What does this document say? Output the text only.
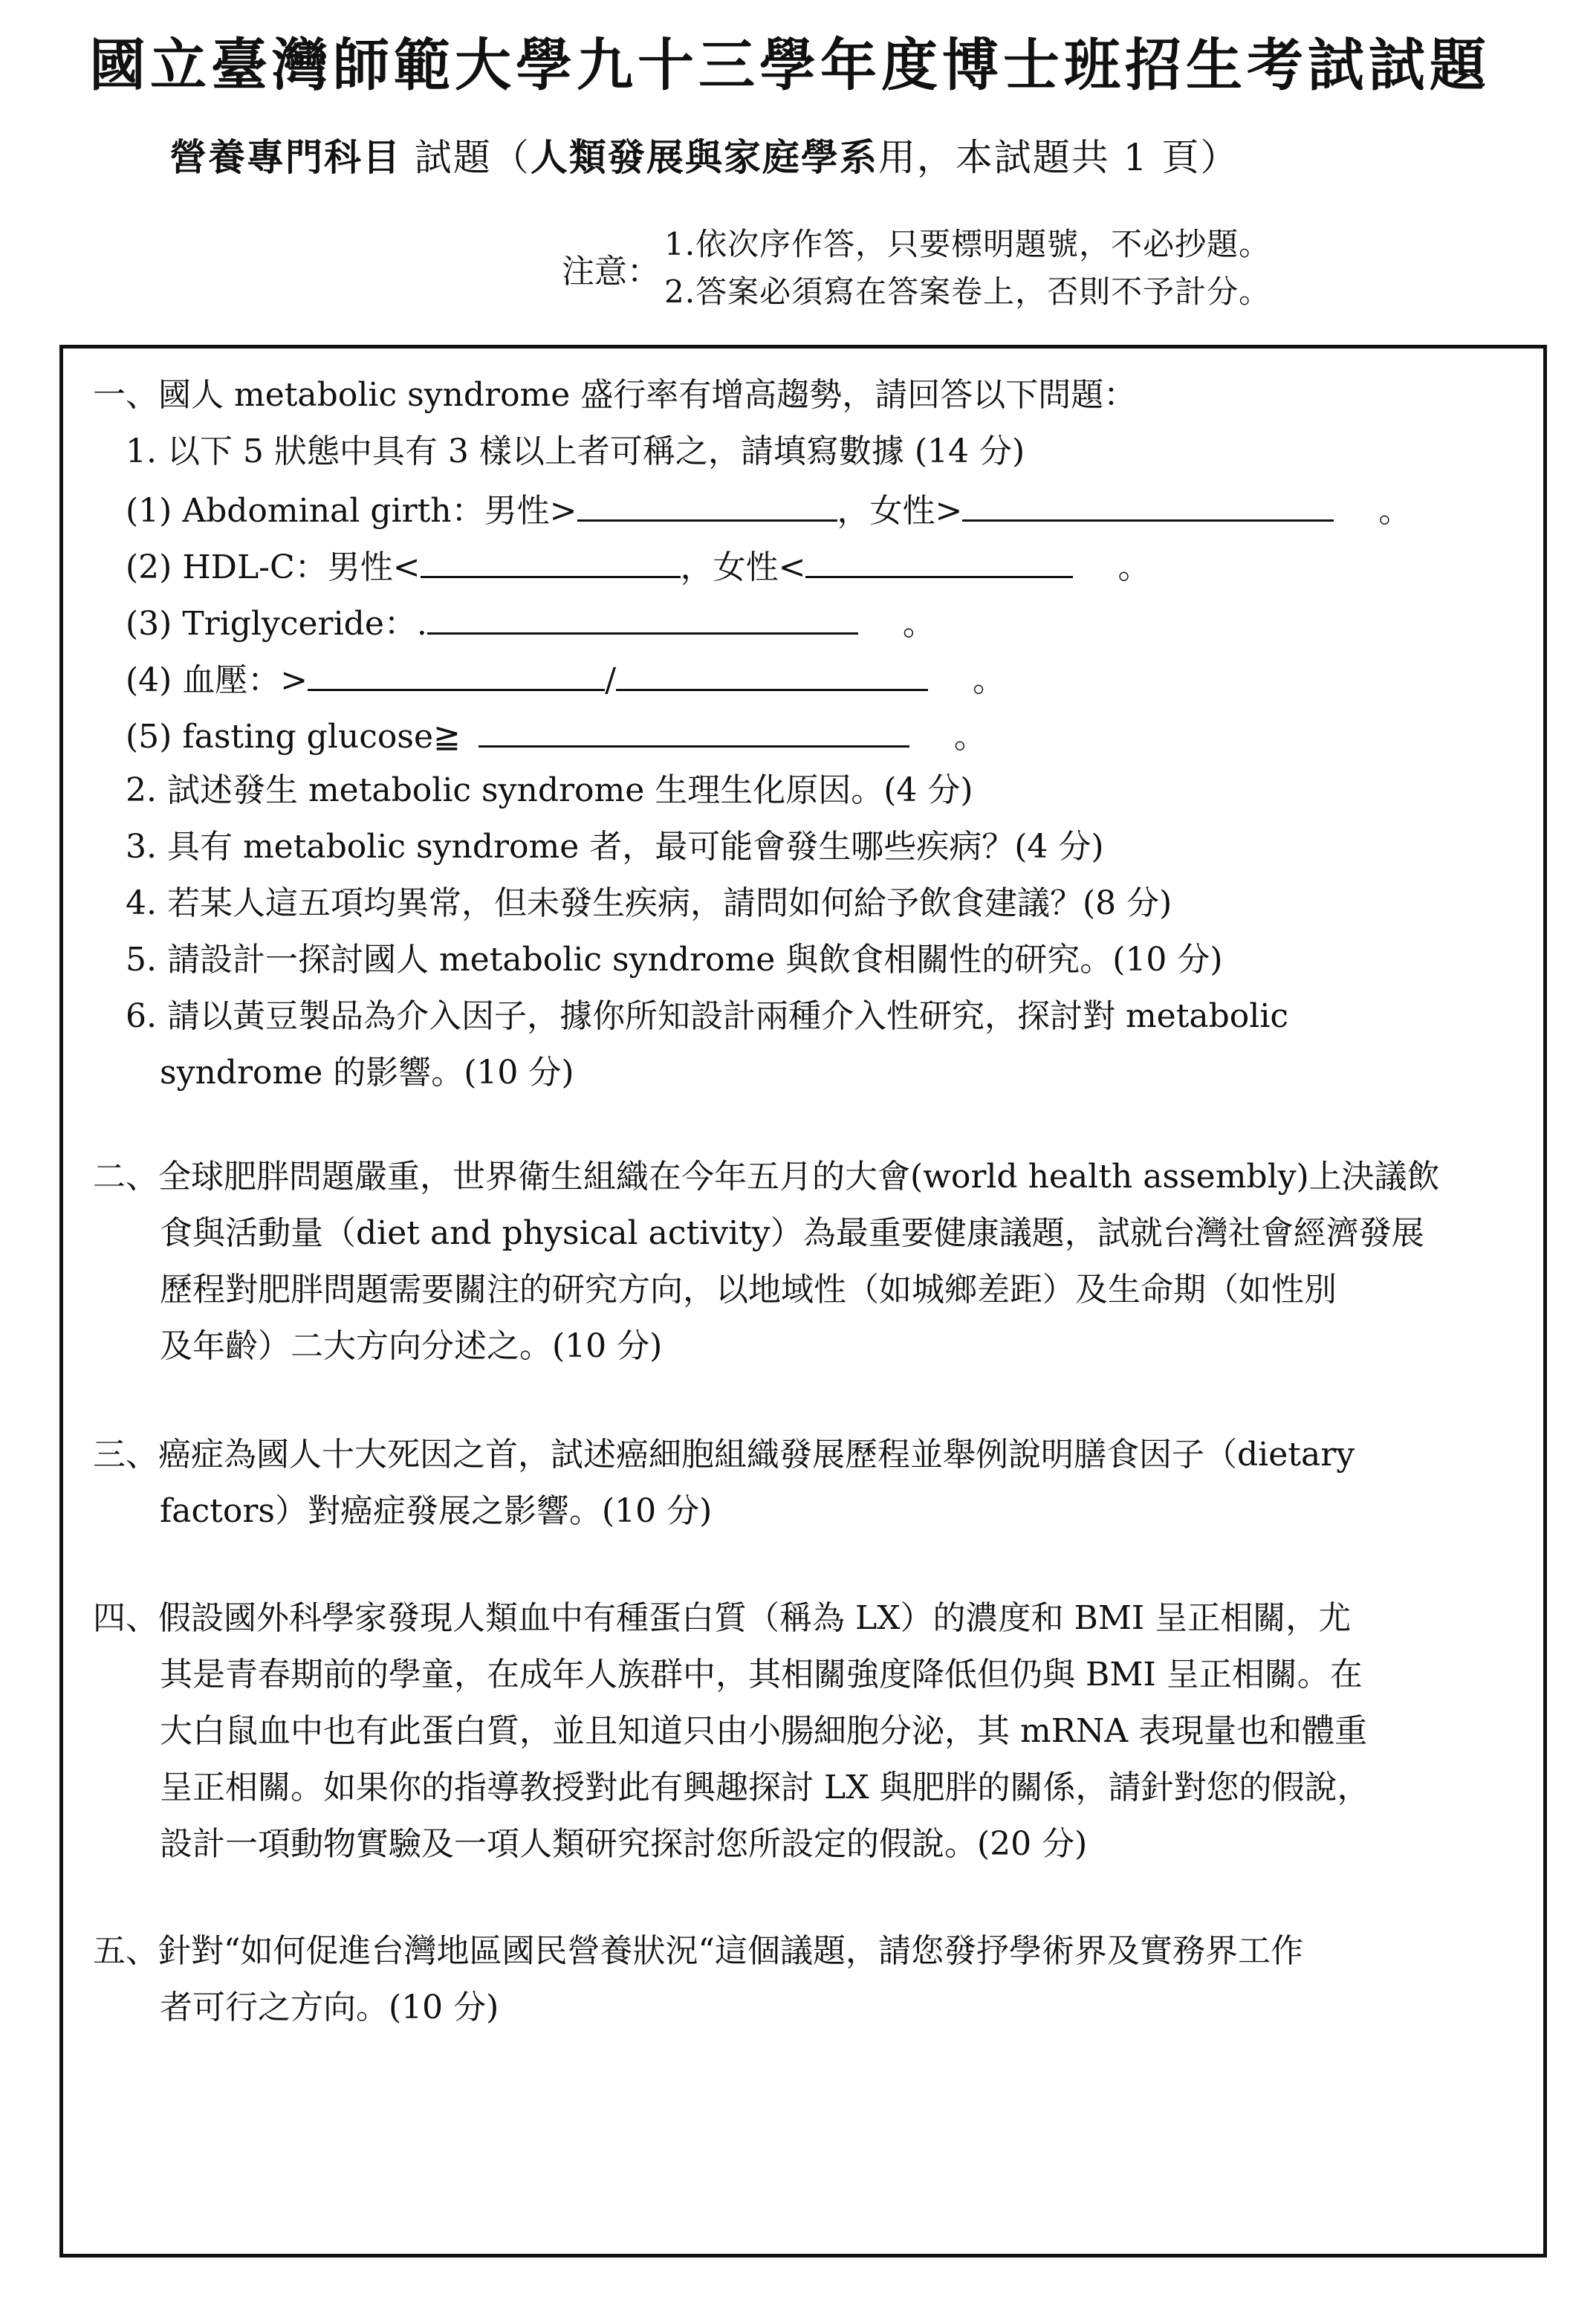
國立臺灣師範大學九十三學年度博士班招生考試試題
營養專門科目 試題（人類發展與家庭學系用，本試題共 1 頁）
注意：
1.依次序作答，只要標明題號，不必抄題。
2.答案必須寫在答案卷上，否則不予計分。
一、國人 metabolic syndrome 盛行率有增高趨勢，請回答以下問題：
1. 以下 5 狀態中具有 3 樣以上者可稱之，請填寫數據 (14 分)
(1) Abdominal girth：男性>	，女性>	。
(2) HDL-C：男性<	，女性<	。
(3) Triglyceride：.	。
(4) 血壓：>	/	。
(5) fasting glucose≧	。
2. 試述發生 metabolic syndrome 生理生化原因。(4 分)
3. 具有 metabolic syndrome 者，最可能會發生哪些疾病？(4 分)
4. 若某人這五項均異常，但未發生疾病，請問如何給予飲食建議？(8 分)
5. 請設計一探討國人 metabolic syndrome 與飲食相關性的研究。(10 分)
6. 請以黃豆製品為介入因子，據你所知設計兩種介入性研究，探討對 metabolic
syndrome 的影響。(10 分)
二、全球肥胖問題嚴重，世界衛生組織在今年五月的大會(world health assembly)上決議飲
食與活動量（diet and physical activity）為最重要健康議題，試就台灣社會經濟發展
歷程對肥胖問題需要關注的研究方向，以地域性（如城鄉差距）及生命期（如性別
及年齡）二大方向分述之。(10 分)
三、癌症為國人十大死因之首，試述癌細胞組織發展歷程並舉例說明膳食因子（dietary
factors）對癌症發展之影響。(10 分)
四、假設國外科學家發現人類血中有種蛋白質（稱為 LX）的濃度和 BMI 呈正相關，尤
其是青春期前的學童，在成年人族群中，其相關強度降低但仍與 BMI 呈正相關。在
大白鼠血中也有此蛋白質，並且知道只由小腸細胞分泌，其 mRNA 表現量也和體重
呈正相關。如果你的指導教授對此有興趣探討 LX 與肥胖的關係，請針對您的假說，
設計一項動物實驗及一項人類研究探討您所設定的假說。(20 分)
五、針對“如何促進台灣地區國民營養狀況“這個議題，請您發抒學術界及實務界工作
者可行之方向。(10 分)
